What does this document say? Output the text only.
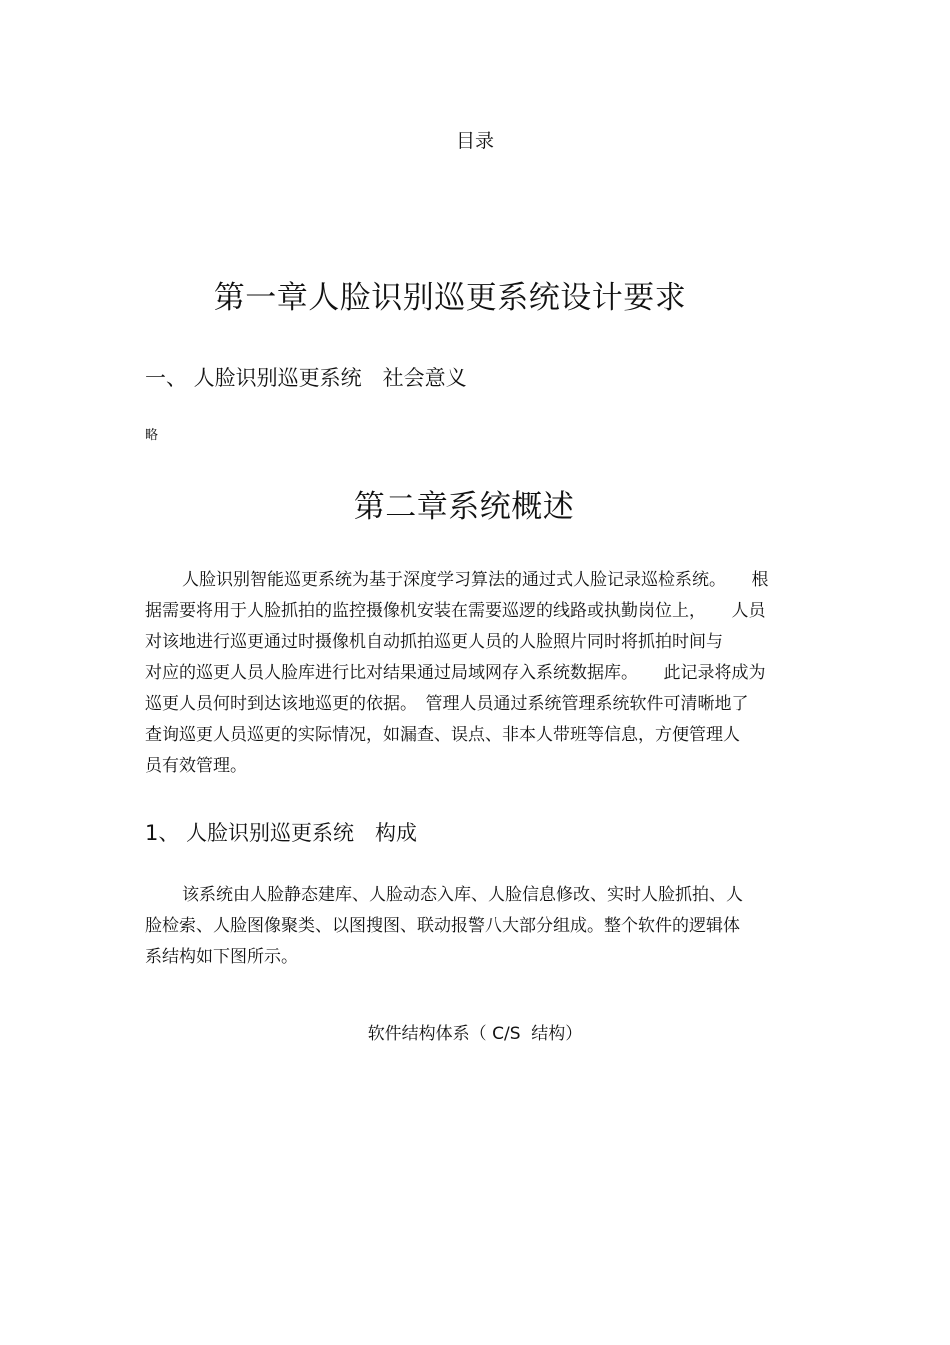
目录
第一章人脸识别巡更系统设计要求
一、 人脸识别巡更系统　社会意义
略
第二章系统概述
人脸识别智能巡更系统为基于深度学习算法的通过式人脸记录巡检系统。　　根
据需要将用于人脸抓拍的监控摄像机安装在需要巡逻的线路或执勤岗位上，　　人员
对该地进行巡更通过时摄像机自动抓拍巡更人员的人脸照片同时将抓拍时间与
对应的巡更人员人脸库进行比对结果通过局域网存入系统数据库。　　此记录将成为
巡更人员何时到达该地巡更的依据。　管理人员通过系统管理系统软件可清晰地了
查询巡更人员巡更的实际情况，如漏查、误点、非本人带班等信息，方便管理人
员有效管理。
1、 人脸识别巡更系统　构成
该系统由人脸静态建库、人脸动态入库、人脸信息修改、实时人脸抓拍、人
脸检索、人脸图像聚类、以图搜图、联动报警八大部分组成。整个软件的逻辑体
系结构如下图所示。
软件结构体系（ C/S  结构）
